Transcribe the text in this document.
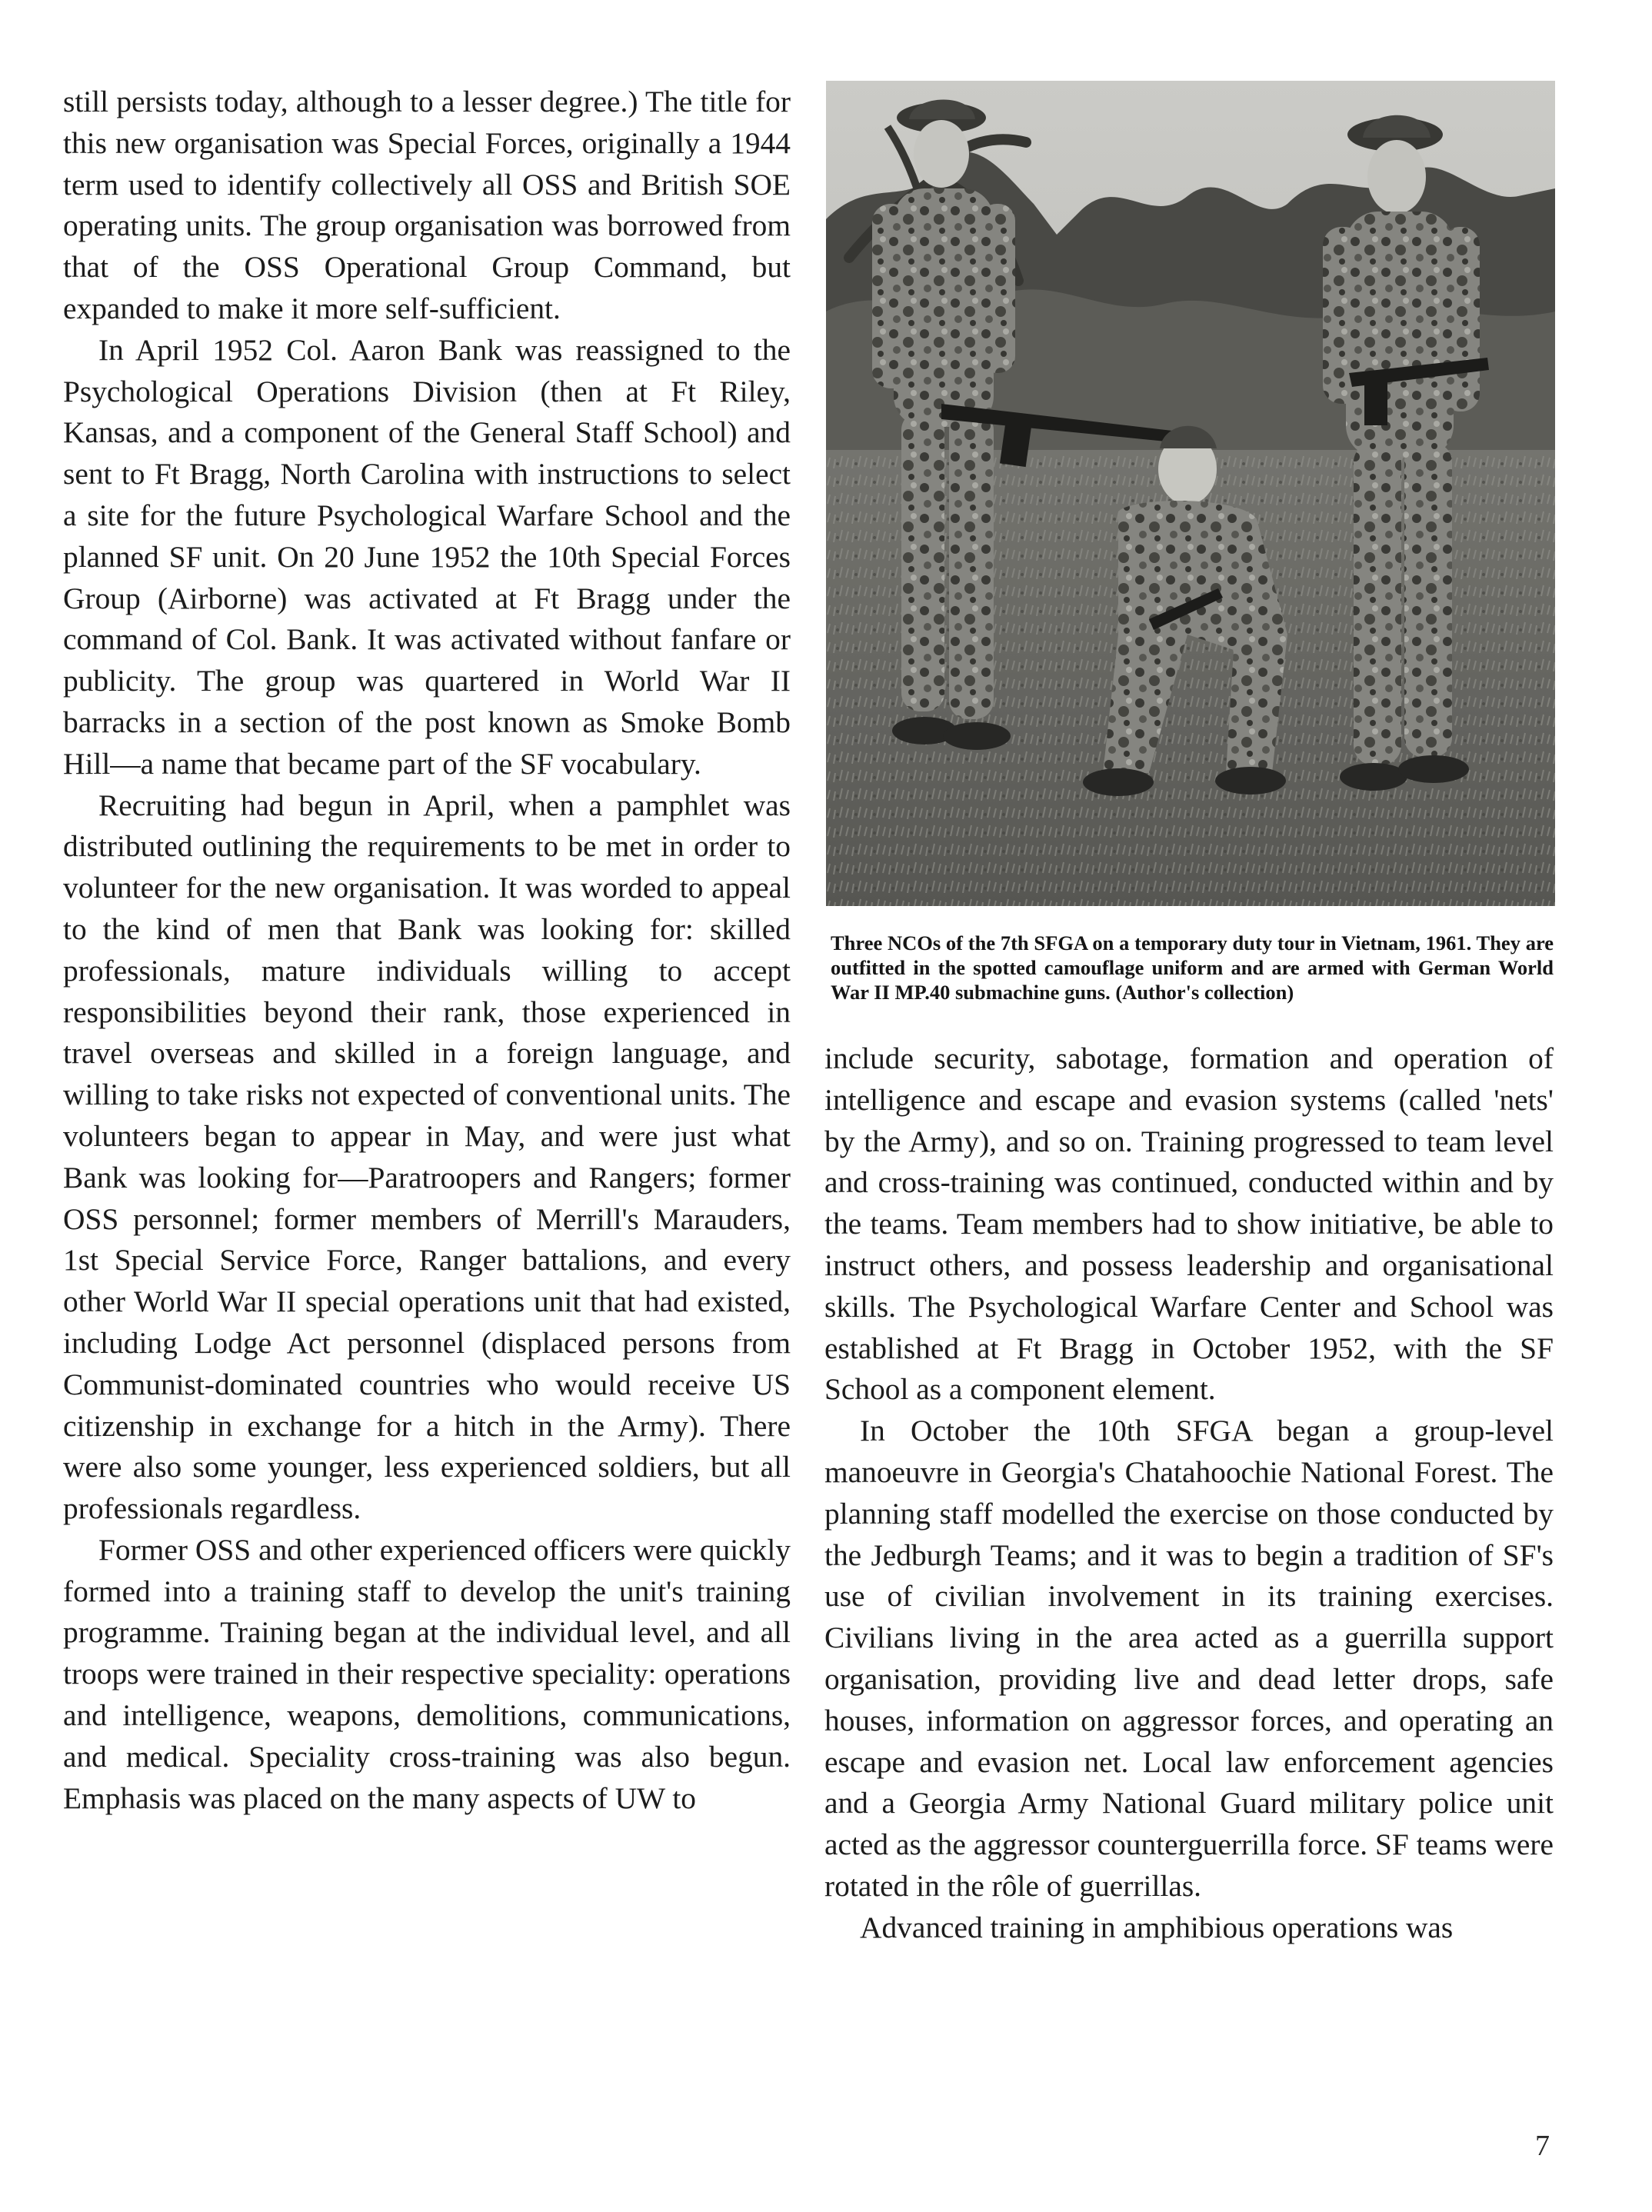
still persists today, although to a lesser degree.) The title for this new organisation was Special Forces, originally a 1944 term used to identify collectively all OSS and British SOE operating units. The group organisation was borrowed from that of the OSS Operational Group Command, but expanded to make it more self-sufficient.

In April 1952 Col. Aaron Bank was reassigned to the Psychological Operations Division (then at Ft Riley, Kansas, and a component of the General Staff School) and sent to Ft Bragg, North Carolina with instructions to select a site for the future Psychological Warfare School and the planned SF unit. On 20 June 1952 the 10th Special Forces Group (Airborne) was activated at Ft Bragg under the command of Col. Bank. It was activated without fanfare or publicity. The group was quartered in World War II barracks in a section of the post known as Smoke Bomb Hill—a name that became part of the SF vocabulary.

Recruiting had begun in April, when a pamphlet was distributed outlining the requirements to be met in order to volunteer for the new organisation. It was worded to appeal to the kind of men that Bank was looking for: skilled professionals, mature individuals willing to accept responsibilities beyond their rank, those experienced in travel overseas and skilled in a foreign language, and willing to take risks not expected of conventional units. The volunteers began to appear in May, and were just what Bank was looking for—Paratroopers and Rangers; former OSS personnel; former members of Merrill's Marauders, 1st Special Service Force, Ranger battalions, and every other World War II special operations unit that had existed, including Lodge Act personnel (displaced persons from Communist-dominated countries who would receive US citizenship in exchange for a hitch in the Army). There were also some younger, less experienced soldiers, but all professionals regardless.

Former OSS and other experienced officers were quickly formed into a training staff to develop the unit's training programme. Training began at the individual level, and all troops were trained in their respective speciality: operations and intelligence, weapons, demolitions, communications, and medical. Speciality cross-training was also begun. Emphasis was placed on the many aspects of UW to

Three NCOs of the 7th SFGA on a temporary duty tour in Vietnam, 1961. They are outfitted in the spotted camouflage uniform and are armed with German World War II MP.40 submachine guns. (Author's collection)

include security, sabotage, formation and operation of intelligence and escape and evasion systems (called 'nets' by the Army), and so on. Training progressed to team level and cross-training was continued, conducted within and by the teams. Team members had to show initiative, be able to instruct others, and possess leadership and organisational skills. The Psychological Warfare Center and School was established at Ft Bragg in October 1952, with the SF School as a component element.

In October the 10th SFGA began a group-level manoeuvre in Georgia's Chatahoochie National Forest. The planning staff modelled the exercise on those conducted by the Jedburgh Teams; and it was to begin a tradition of SF's use of civilian involvement in its training exercises. Civilians living in the area acted as a guerrilla support organisation, providing live and dead letter drops, safe houses, information on aggressor forces, and operating an escape and evasion net. Local law enforcement agencies and a Georgia Army National Guard military police unit acted as the aggressor counterguerrilla force. SF teams were rotated in the rôle of guerrillas.

Advanced training in amphibious operations was

7
